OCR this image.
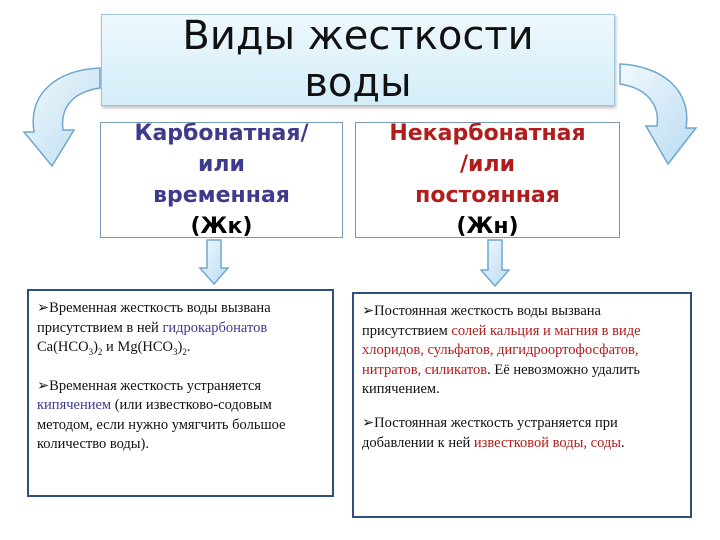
Виды жесткости
воды
Карбонатная/
или
временная
(Жк)
Некарбонатная
/или
постоянная
(Жн)

➢Временная жесткость воды вызвана присутствием в ней гидрокарбонатов
$Ca(HCO_3)_2$ и $Mg(HCO_3)_2$.

➢Временная жесткость устраняется кипячением (или известково-содовым методом, если нужно умягчить большое количество воды).

➢Постоянная жесткость воды вызвана присутствием солей кальция и магния в виде хлоридов, сульфатов, дигидроортофосфатов, нитратов, силикатов. Её невозможно удалить кипячением.

➢Постоянная жесткость устраняется при добавлении к ней известковой воды, соды.
